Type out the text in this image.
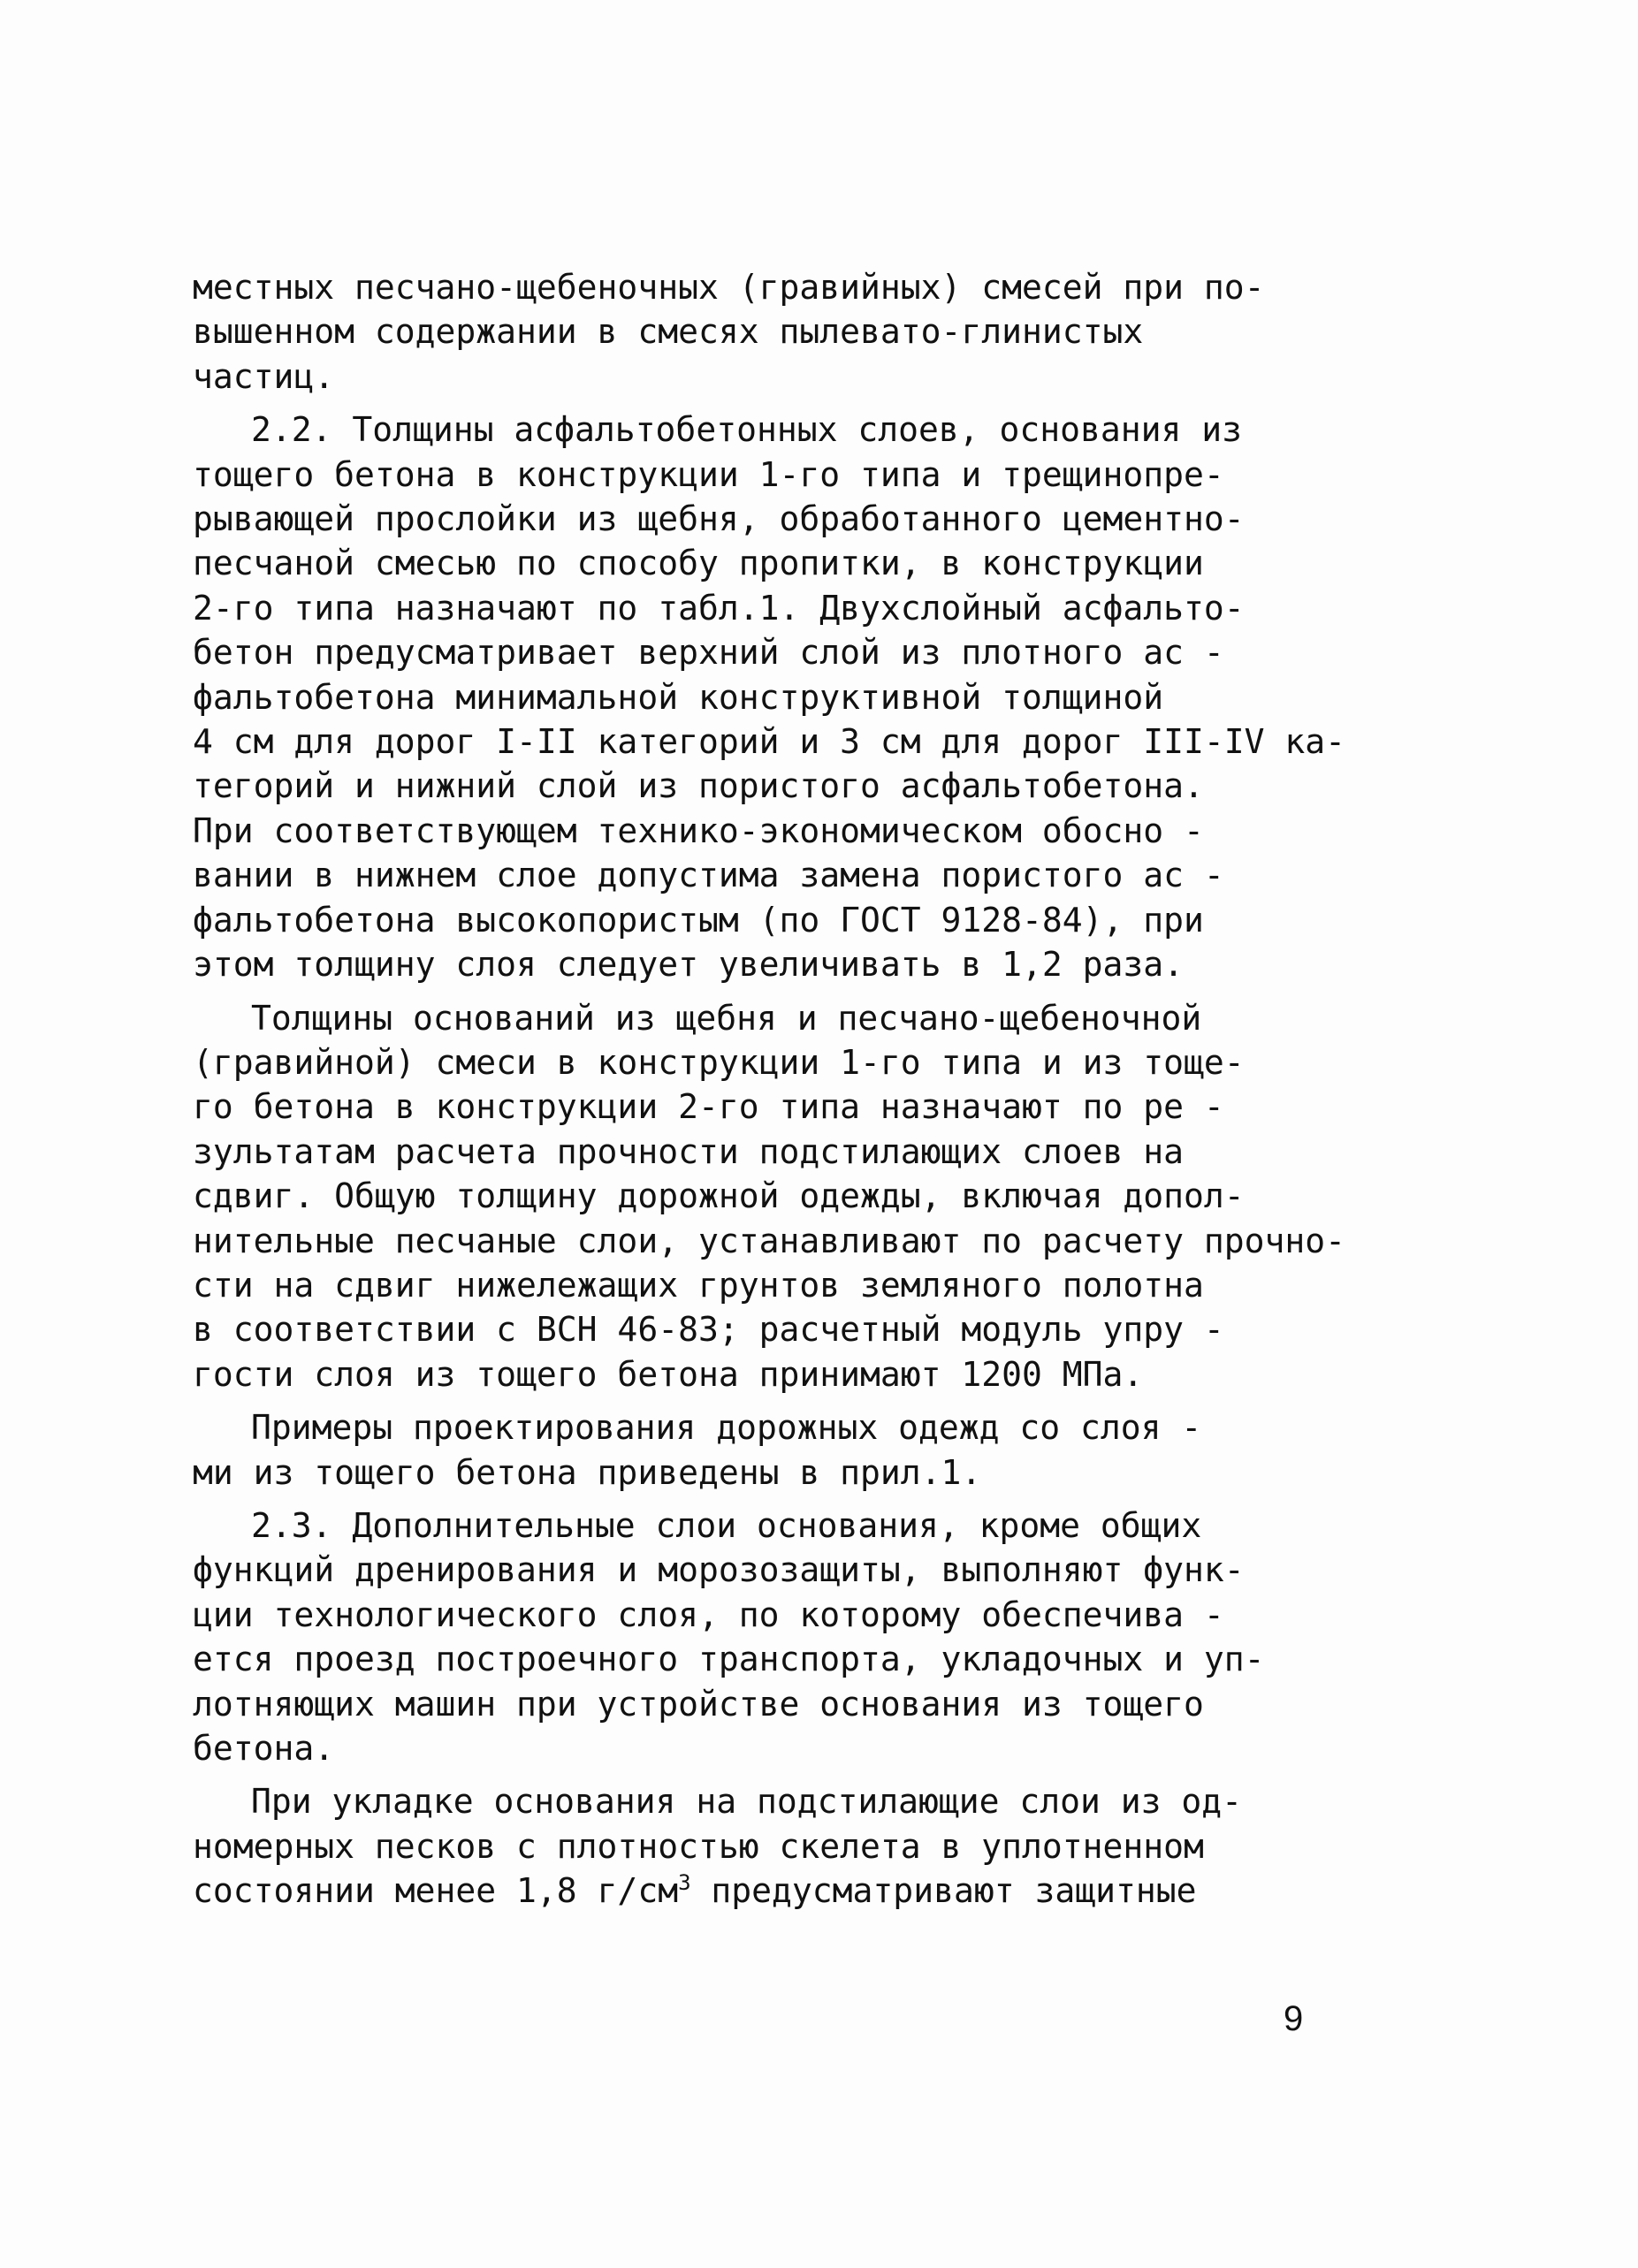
местных песчано-щебеночных (гравийных) смесей при по-
вышенном содержании в смесях пылевато-глинистых
частиц.

2.2. Толщины асфальтобетонных слоев, основания из
тощего бетона в конструкции 1-го типа и трещинопре-
рывающей прослойки из щебня, обработанного цементно-
песчаной смесью по способу пропитки, в конструкции
2-го типа назначают по табл.1. Двухслойный асфальто-
бетон предусматривает верхний слой из плотного ас -
фальтобетона минимальной конструктивной толщиной
4 см для дорог I-II категорий и 3 см для дорог III-IV ка-
тегорий и нижний слой из пористого асфальтобетона.
При соответствующем технико-экономическом обосно -
вании в нижнем слое допустима замена пористого ас -
фальтобетона высокопористым (по ГОСТ 9128-84), при
этом толщину слоя следует увеличивать в 1,2 раза.

Толщины оснований из щебня и песчано-щебеночной
(гравийной) смеси в конструкции 1-го типа и из тоще-
го бетона в конструкции 2-го типа назначают по ре -
зультатам расчета прочности подстилающих слоев на
сдвиг. Общую толщину дорожной одежды, включая допол-
нительные песчаные слои, устанавливают по расчету прочно-
сти на сдвиг нижележащих грунтов земляного полотна
в соответствии с ВСН 46-83; расчетный модуль упру -
гости слоя из тощего бетона принимают 1200 МПа.

Примеры проектирования дорожных одежд со слоя -
ми из тощего бетона приведены в прил.1.

2.3. Дополнительные слои основания, кроме общих
функций дренирования и морозозащиты, выполняют функ-
ции технологического слоя, по которому обеспечива -
ется проезд построечного транспорта, укладочных и уп-
лотняющих машин при устройстве основания из тощего
бетона.

При укладке основания на подстилающие слои из од-
номерных песков с плотностью скелета в уплотненном
состоянии менее 1,8 $г/см^3$ предусматривают защитные

9
